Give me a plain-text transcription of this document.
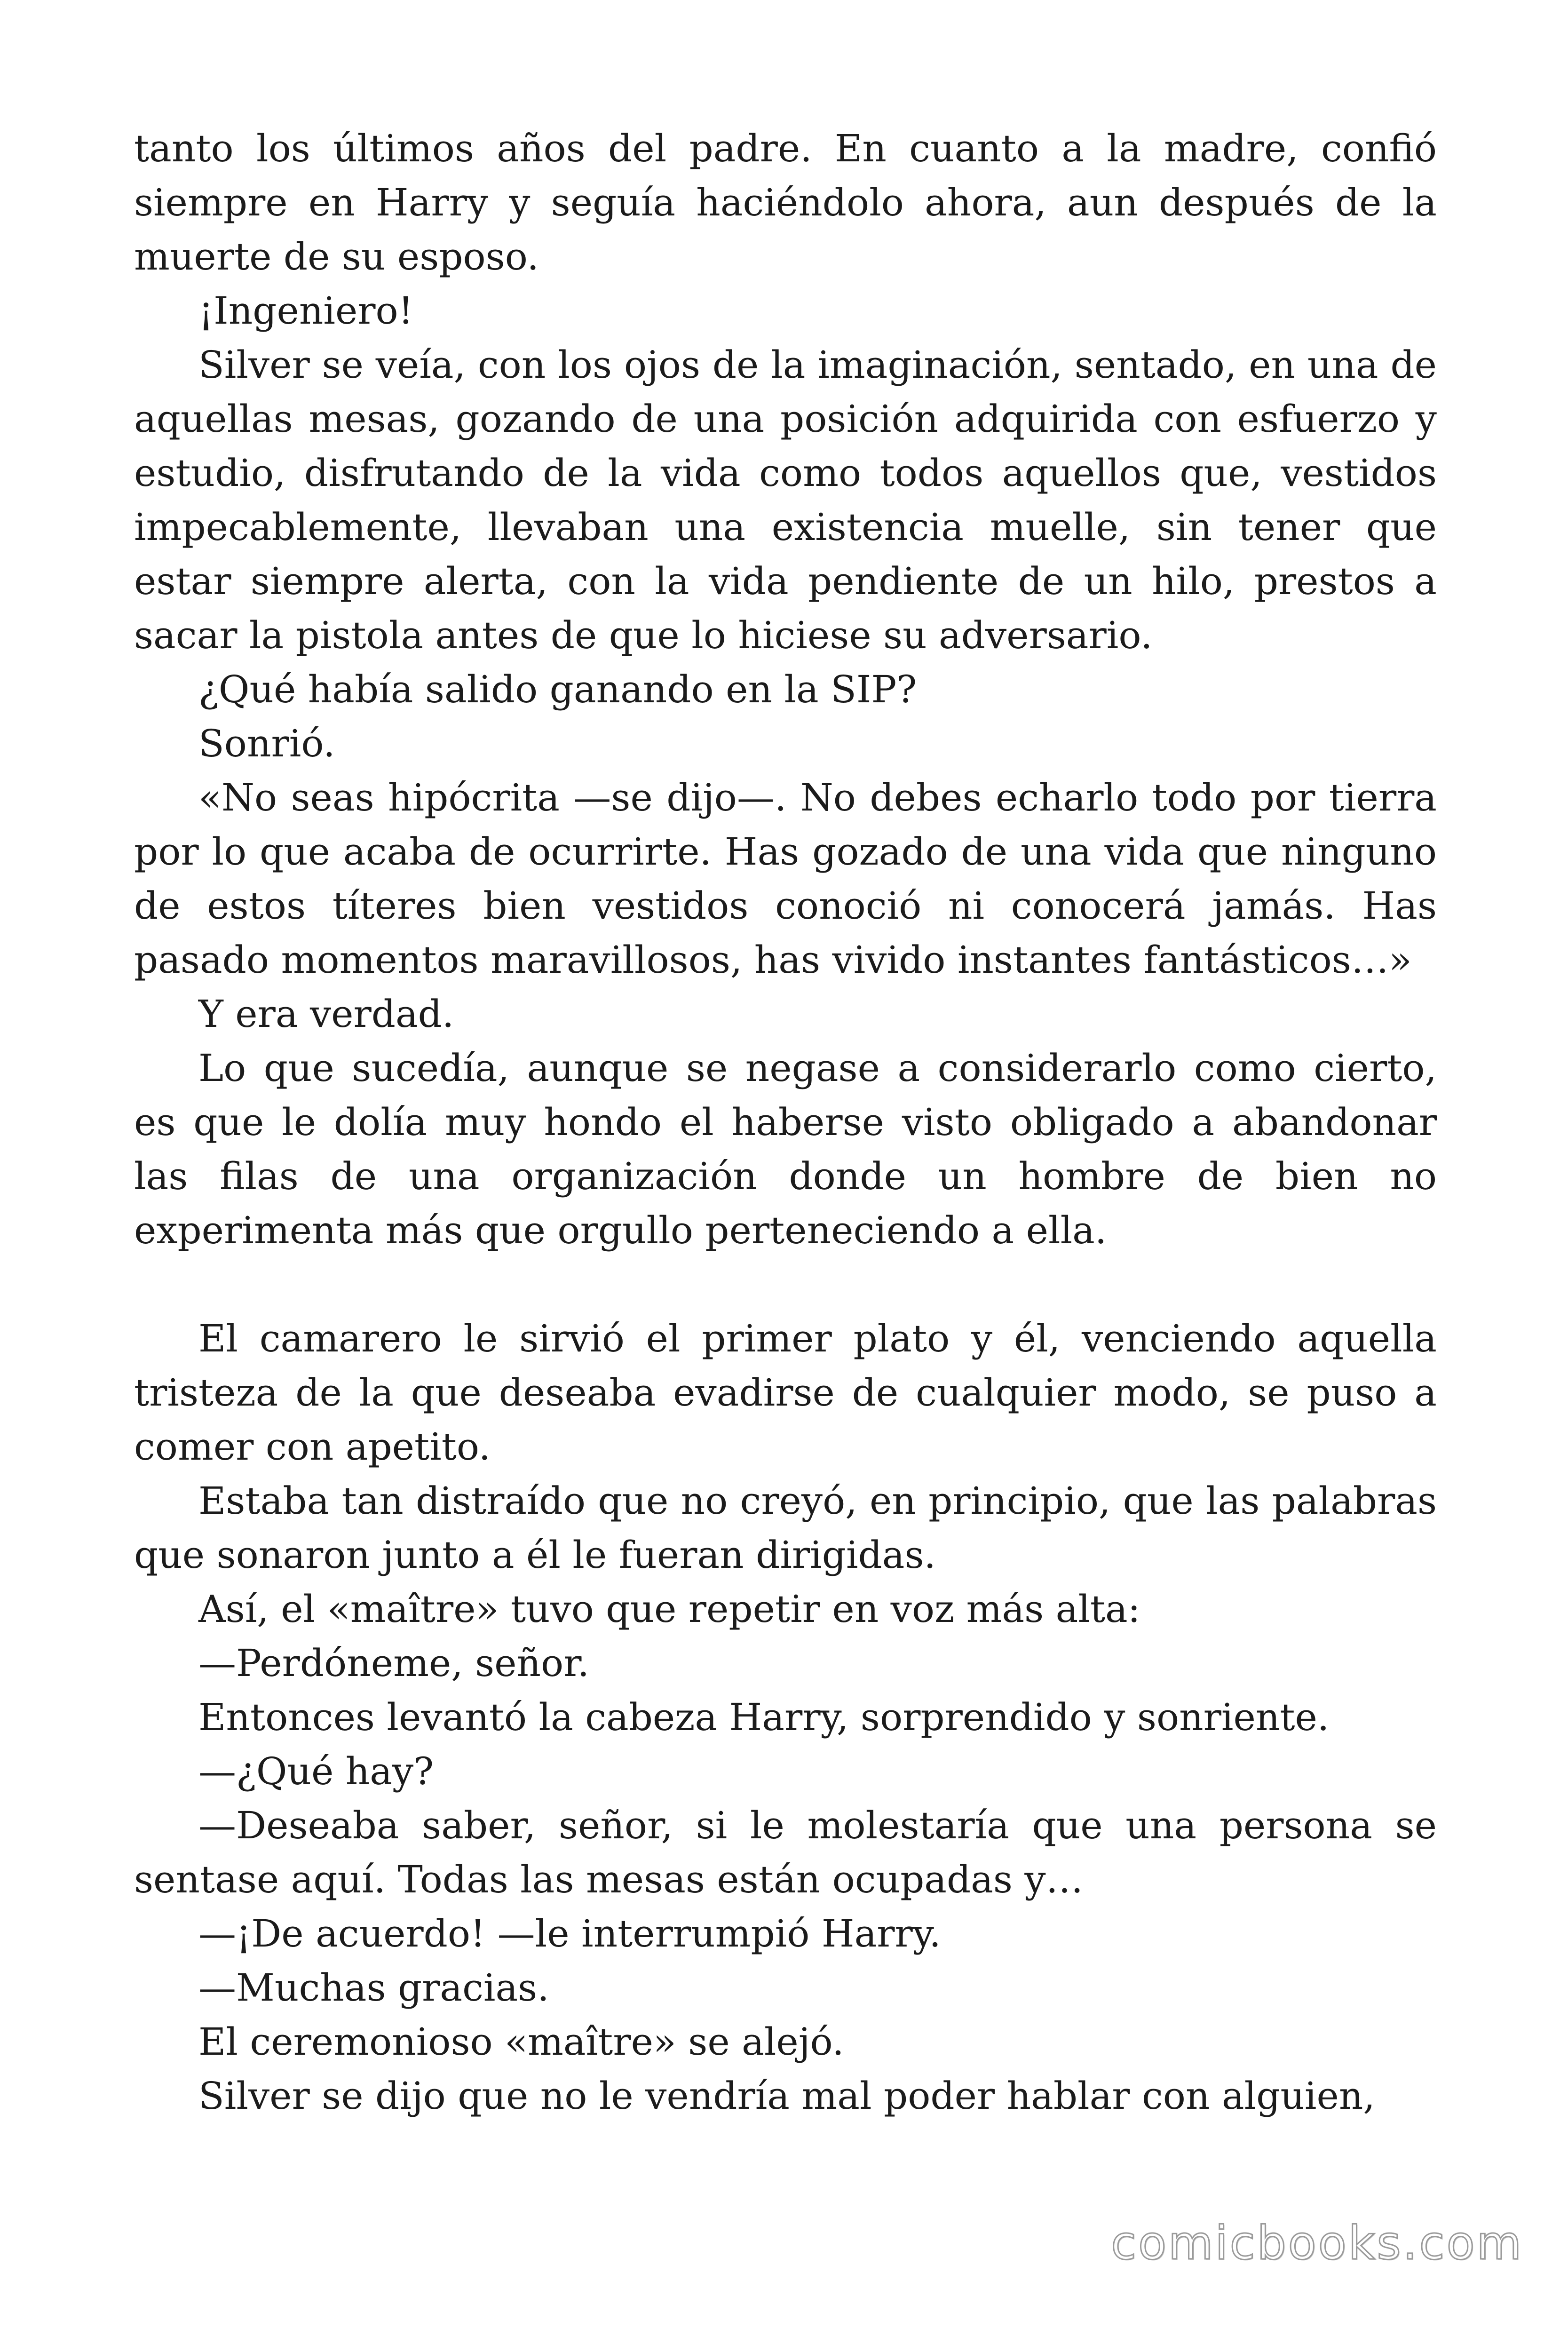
tanto los últimos años del padre. En cuanto a la madre, confió siempre en Harry y seguía haciéndolo ahora, aun después de la muerte de su esposo.

¡Ingeniero!

Silver se veía, con los ojos de la imaginación, sentado, en una de aquellas mesas, gozando de una posición adquirida con esfuerzo y estudio, disfrutando de la vida como todos aquellos que, vestidos impecablemente, llevaban una existencia muelle, sin tener que estar siempre alerta, con la vida pendiente de un hilo, prestos a sacar la pistola antes de que lo hiciese su adversario.

¿Qué había salido ganando en la SIP?

Sonrió.

«No seas hipócrita —se dijo—. No debes echarlo todo por tierra por lo que acaba de ocurrirte. Has gozado de una vida que ninguno de estos títeres bien vestidos conoció ni conocerá jamás. Has pasado momentos maravillosos, has vivido instantes fantásticos…»

Y era verdad.

Lo que sucedía, aunque se negase a considerarlo como cierto, es que le dolía muy hondo el haberse visto obligado a abandonar las filas de una organización donde un hombre de bien no experimenta más que orgullo perteneciendo a ella.

El camarero le sirvió el primer plato y él, venciendo aquella tristeza de la que deseaba evadirse de cualquier modo, se puso a comer con apetito.

Estaba tan distraído que no creyó, en principio, que las palabras que sonaron junto a él le fueran dirigidas.

Así, el «maître» tuvo que repetir en voz más alta:

—Perdóneme, señor.

Entonces levantó la cabeza Harry, sorprendido y sonriente.

—¿Qué hay?

—Deseaba saber, señor, si le molestaría que una persona se sentase aquí. Todas las mesas están ocupadas y…

—¡De acuerdo! —le interrumpió Harry.

—Muchas gracias.

El ceremonioso «maître» se alejó.

Silver se dijo que no le vendría mal poder hablar con alguien,

comicbooks.com
